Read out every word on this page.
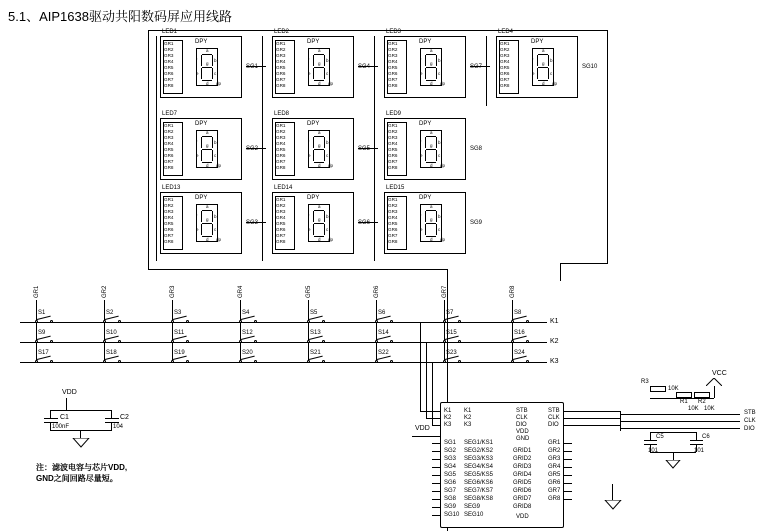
5.1、AIP1638驱动共阳数码屏应用线路
LED1
DPY
GR1
GR2
GR3
GR4
GR5
GR6
GR7
GR8
a
b
c
d
e
f
g
dp
SG1
LED2
DPY
GR1
GR2
GR3
GR4
GR5
GR6
GR7
GR8
a
b
c
d
e
f
g
dp
SG4
LED3
DPY
GR1
GR2
GR3
GR4
GR5
GR6
GR7
GR8
a
b
c
d
e
f
g
dp
SG7
LED4
DPY
GR1
GR2
GR3
GR4
GR5
GR6
GR7
GR8
a
b
c
d
e
f
g
dp
SG10
LED7
DPY
GR1
GR2
GR3
GR4
GR5
GR6
GR7
GR8
a
b
c
d
e
f
g
dp
SG2
LED8
DPY
GR1
GR2
GR3
GR4
GR5
GR6
GR7
GR8
a
b
c
d
e
f
g
dp
SG5
LED9
DPY
GR1
GR2
GR3
GR4
GR5
GR6
GR7
GR8
a
b
c
d
e
f
g
dp
SG8
LED13
DPY
GR1
GR2
GR3
GR4
GR5
GR6
GR7
GR8
a
b
c
d
e
f
g
dp
SG3
LED14
DPY
GR1
GR2
GR3
GR4
GR5
GR6
GR7
GR8
a
b
c
d
e
f
g
dp
SG6
LED15
DPY
GR1
GR2
GR3
GR4
GR5
GR6
GR7
GR8
a
b
c
d
e
f
g
dp
SG9
GR1	GR2	GR3	GR4	GR5	GR6	GR7	GR8
K1
K2
K3
S1	S2	S3	S4	S5	S6	S7	S8
S9	S10	S11	S12	S13	S14	S15	S16
S17	S18	S19	S20	S21	S22	S23	S24
VDD
C1
100nF
C2
104
注：滤波电容与芯片VDD,
GND之间回路尽量短。
K1
K2
K3
SG1
SG2
SG3
SG4
SG5
SG6
SG7
SG8
SG9
SG10
K1
K2
K3
SEG1/KS1
SEG2/KS2
SEG3/KS3
SEG4/KS4
SEG5/KS5
SEG6/KS6
SEG7/KS7
SEG8/KS8
SEG9
SEG10
STB
CLK
DIO
VDD
GND
GRID1
GRID2
GRID3
GRID4
GRID5
GRID6
GRID7
GRID8
VDD
STB
CLK
DIO
GR1
GR2
GR3
GR4
GR5
GR6
GR7
GR8
VDD
VCC
R3
10K
R1 R2
10K 10K
STB
CLK
DIO
C5	C6
101	101
